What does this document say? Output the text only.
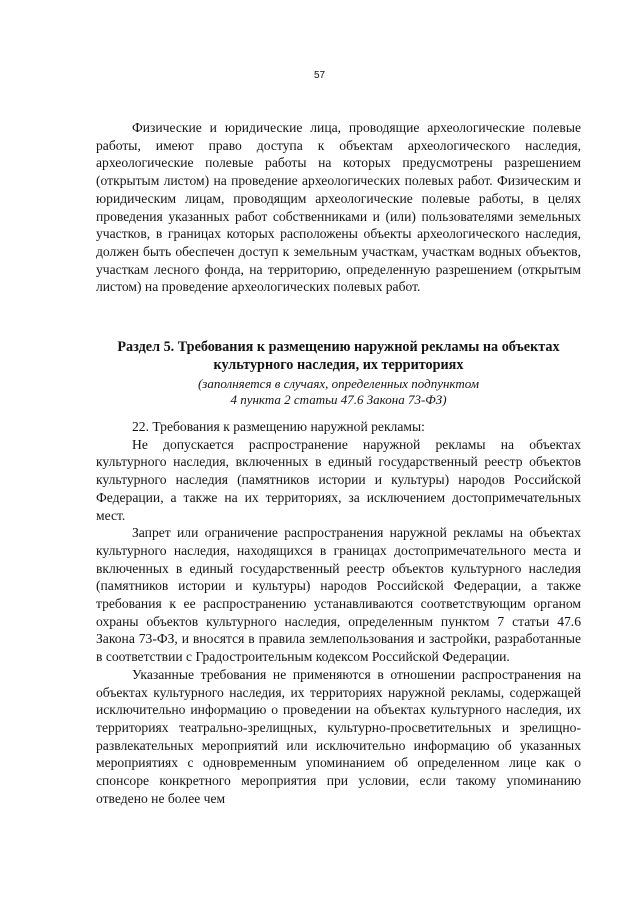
57

Физические и юридические лица, проводящие археологические полевые работы, имеют право доступа к объектам археологического наследия, археологические полевые работы на которых предусмотрены разрешением (открытым листом) на проведение археологических полевых работ. Физическим и юридическим лицам, проводящим археологические полевые работы, в целях проведения указанных работ собственниками и (или) пользователями земельных участков, в границах которых расположены объекты археологического наследия, должен быть обеспечен доступ к земельным участкам, участкам водных объектов, участкам лесного фонда, на территорию, определенную разрешением (открытым листом) на проведение археологических полевых работ.

Раздел 5. Требования к размещению наружной рекламы на объектах

культурного наследия, их территориях

(заполняется в случаях, определенных подпунктом

4 пункта 2 статьи 47.6 Закона 73-ФЗ)

22. Требования к размещению наружной рекламы:

Не допускается распространение наружной рекламы на объектах культурного наследия, включенных в единый государственный реестр объектов культурного наследия (памятников истории и культуры) народов Российской Федерации, а также на их территориях, за исключением достопримечательных мест.

Запрет или ограничение распространения наружной рекламы на объектах культурного наследия, находящихся в границах достопримечательного места и включенных в единый государственный реестр объектов культурного наследия (памятников истории и культуры) народов Российской Федерации, а также требования к ее распространению устанавливаются соответствующим органом охраны объектов культурного наследия, определенным пунктом 7 статьи 47.6 Закона 73-ФЗ, и вносятся в правила землепользования и застройки, разработанные в соответствии с Градостроительным кодексом Российской Федерации.

Указанные требования не применяются в отношении распространения на объектах культурного наследия, их территориях наружной рекламы, содержащей исключительно информацию о проведении на объектах культурного наследия, их территориях театрально-зрелищных, культурно-просветительных и зрелищно-развлекательных мероприятий или исключительно информацию об указанных мероприятиях с одновременным упоминанием об определенном лице как о спонсоре конкретного мероприятия при условии, если такому упоминанию отведено не более чем
